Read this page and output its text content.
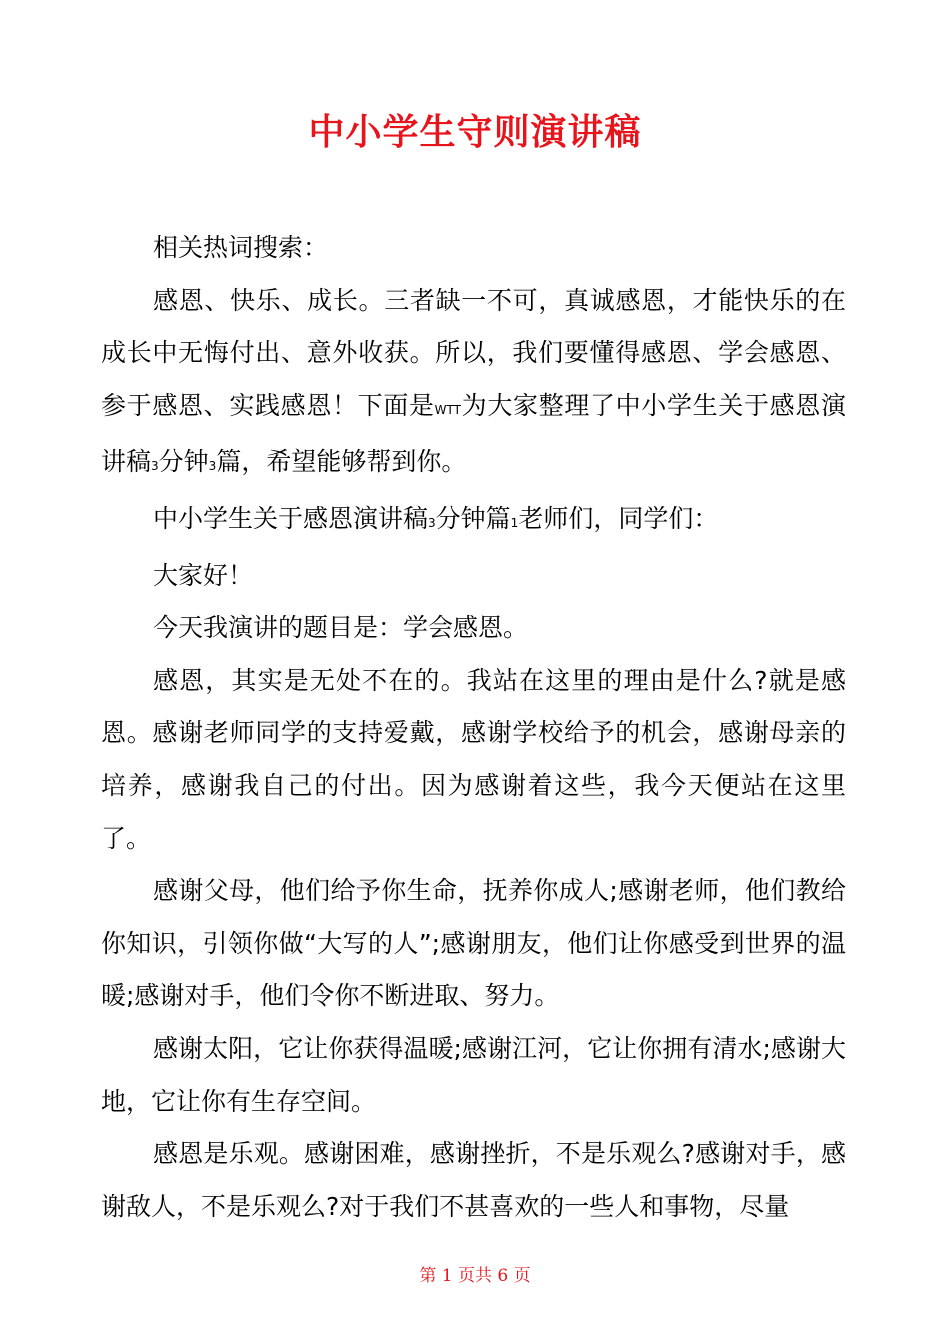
中小学生守则演讲稿

相关热词搜索：

感恩、快乐、成长。三者缺一不可，真诚感恩，才能快乐的在成长中无悔付出、意外收获。所以，我们要懂得感恩、学会感恩、参于感恩、实践感恩！下面是WTT为大家整理了中小学生关于感恩演讲稿3分钟3篇，希望能够帮到你。

中小学生关于感恩演讲稿3分钟篇1老师们，同学们：

大家好！

今天我演讲的题目是：学会感恩。

感恩，其实是无处不在的。我站在这里的理由是什么?就是感恩。感谢老师同学的支持爱戴，感谢学校给予的机会，感谢母亲的培养，感谢我自己的付出。因为感谢着这些，我今天便站在这里了。

感谢父母，他们给予你生命，抚养你成人;感谢老师，他们教给你知识，引领你做“大写的人”;感谢朋友，他们让你感受到世界的温暖;感谢对手，他们令你不断进取、努力。

感谢太阳，它让你获得温暖;感谢江河，它让你拥有清水;感谢大地，它让你有生存空间。

感恩是乐观。感谢困难，感谢挫折，不是乐观么?感谢对手，感谢敌人，不是乐观么?对于我们不甚喜欢的一些人和事物，尽量

第 1 页共 6 页
